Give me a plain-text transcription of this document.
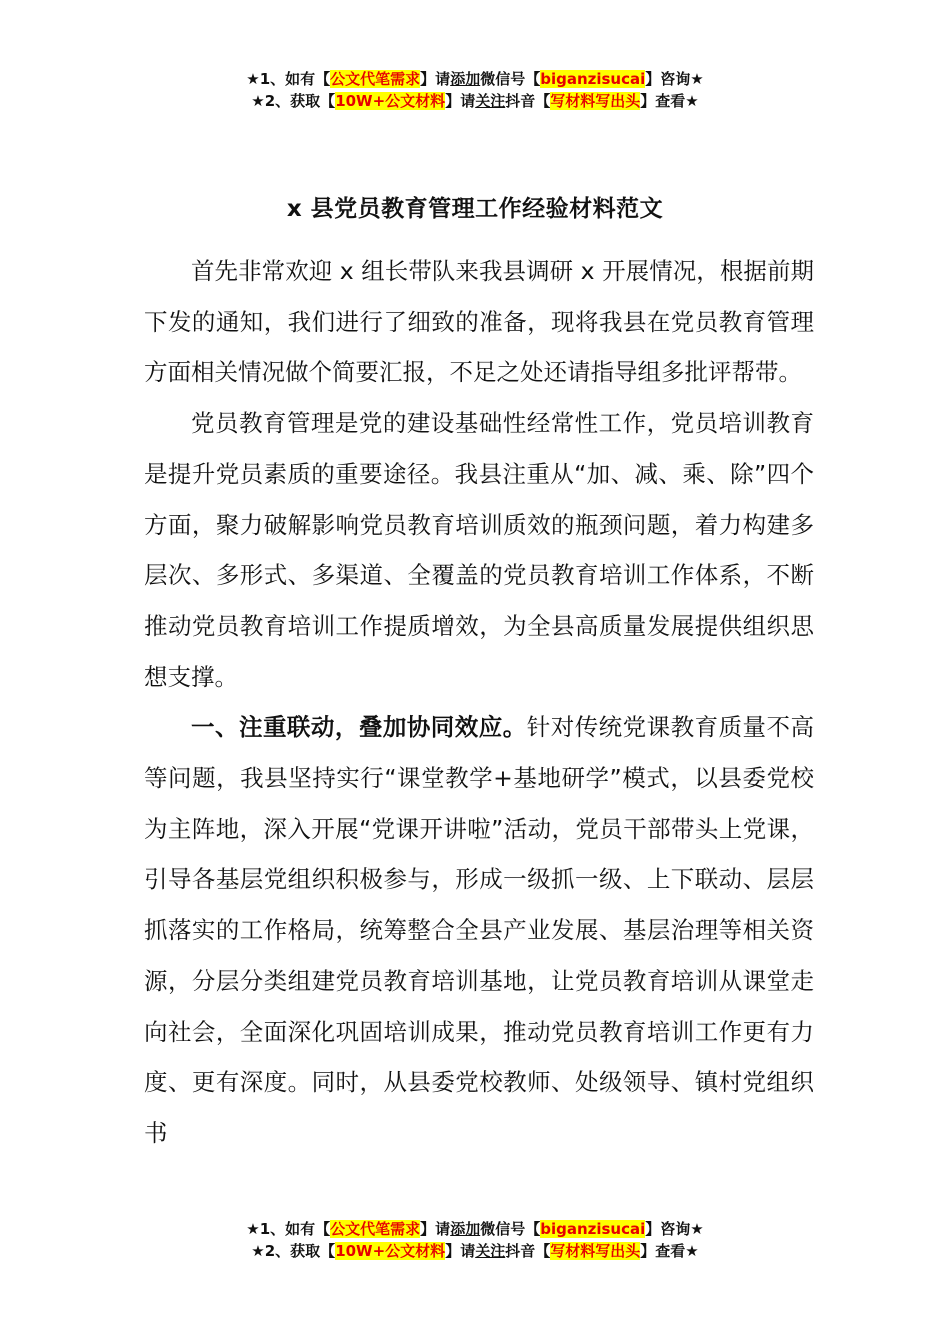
★1、如有【公文代笔需求】请添加微信号【biganzisucai】咨询★
★2、获取【10W+公文材料】请关注抖音【写材料写出头】查看★
x 县党员教育管理工作经验材料范文

首先非常欢迎 x 组长带队来我县调研 x 开展情况，根据前期下发的通知，我们进行了细致的准备，现将我县在党员教育管理方面相关情况做个简要汇报，不足之处还请指导组多批评帮带。

党员教育管理是党的建设基础性经常性工作，党员培训教育是提升党员素质的重要途径。我县注重从“加、减、乘、除”四个方面，聚力破解影响党员教育培训质效的瓶颈问题，着力构建多层次、多形式、多渠道、全覆盖的党员教育培训工作体系，不断推动党员教育培训工作提质增效，为全县高质量发展提供组织思想支撑。

一、注重联动，叠加协同效应。针对传统党课教育质量不高等问题，我县坚持实行“课堂教学+基地研学”模式，以县委党校为主阵地，深入开展“党课开讲啦”活动，党员干部带头上党课，引导各基层党组织积极参与，形成一级抓一级、上下联动、层层抓落实的工作格局，统筹整合全县产业发展、基层治理等相关资源，分层分类组建党员教育培训基地，让党员教育培训从课堂走向社会，全面深化巩固培训成果，推动党员教育培训工作更有力度、更有深度。同时，从县委党校教师、处级领导、镇村党组织书

★1、如有【公文代笔需求】请添加微信号【biganzisucai】咨询★
★2、获取【10W+公文材料】请关注抖音【写材料写出头】查看★
